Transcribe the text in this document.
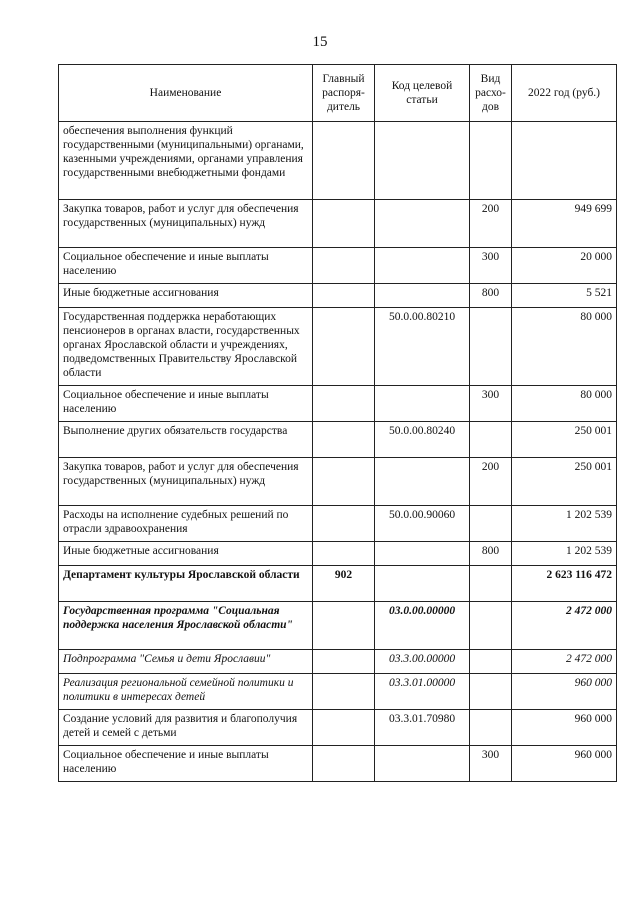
15
Наименование	Главный распоря-дитель	Код целевой статьи	Вид расхо-дов	2022 год (руб.)
обеспечения выполнения функций государственными (муниципальными) органами, казенными учреждениями, органами управления государственными внебюджетными фондами				
Закупка товаров, работ и услуг для обеспечения государственных (муниципальных) нужд			200	949 699
Социальное обеспечение и иные выплаты населению			300	20 000
Иные бюджетные ассигнования			800	5 521
Государственная поддержка неработающих пенсионеров в органах власти, государственных органах Ярославской области и учреждениях, подведомственных Правительству Ярославской области		50.0.00.80210		80 000
Социальное обеспечение и иные выплаты населению			300	80 000
Выполнение других обязательств государства		50.0.00.80240		250 001
Закупка товаров, работ и услуг для обеспечения государственных (муниципальных) нужд			200	250 001
Расходы на исполнение судебных решений по отрасли здравоохранения		50.0.00.90060		1 202 539
Иные бюджетные ассигнования			800	1 202 539
Департамент культуры Ярославской области	902			2 623 116 472
Государственная программа "Социальная поддержка населения Ярославской области"		03.0.00.00000		2 472 000
Подпрограмма "Семья и дети Ярославии"		03.3.00.00000		2 472 000
Реализация региональной семейной политики и политики в интересах детей		03.3.01.00000		960 000
Создание условий для развития и благополучия детей и семей с детьми		03.3.01.70980		960 000
Социальное обеспечение и иные выплаты населению			300	960 000
